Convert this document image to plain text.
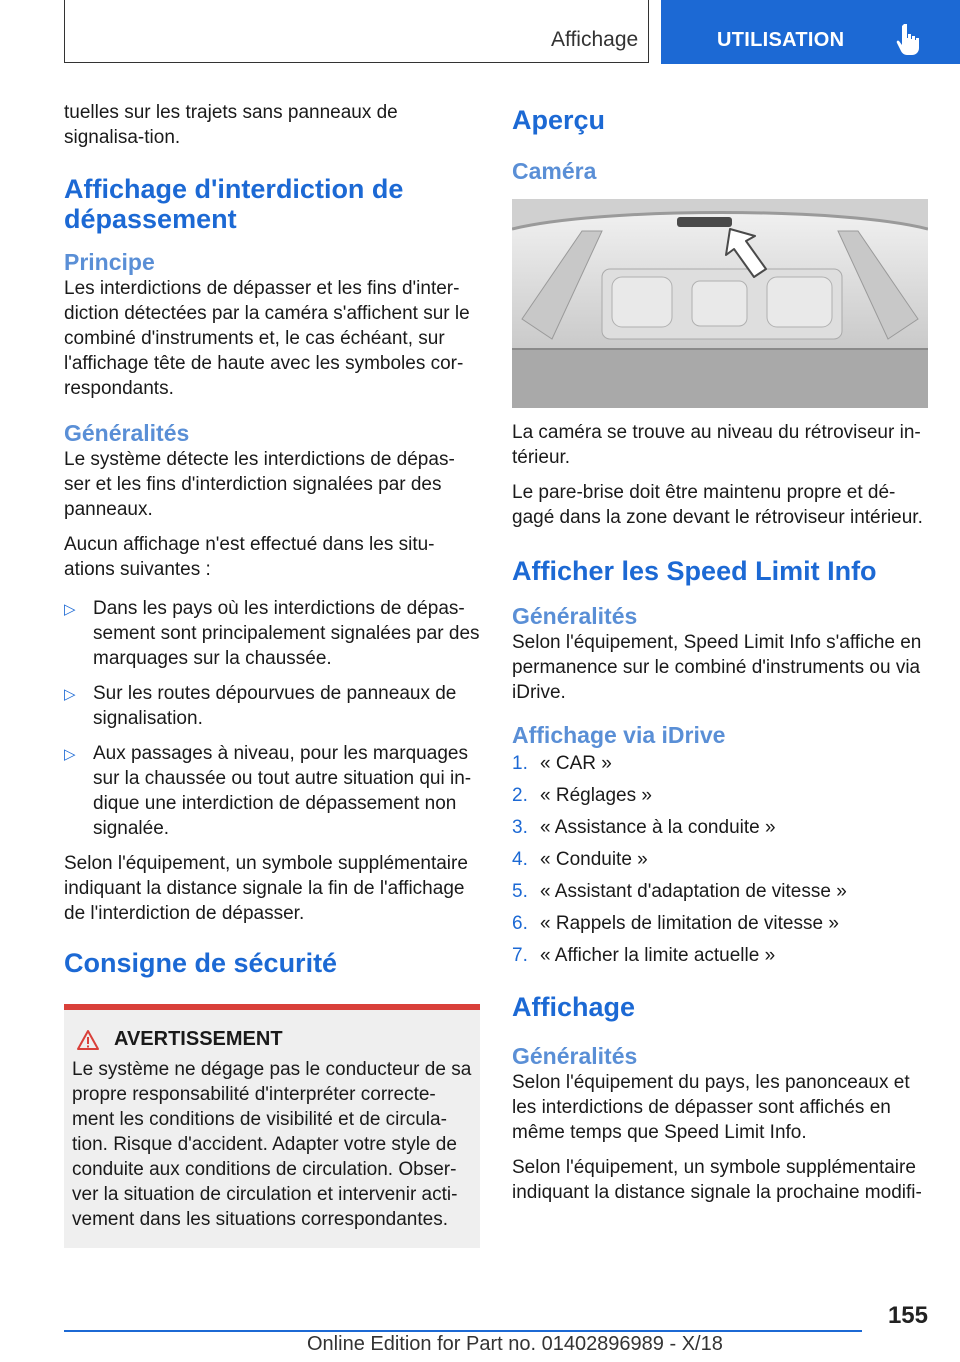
Affichage	UTILISATION

tuelles sur les trajets sans panneaux de signalisa-tion.

Affichage d'interdiction de dépassement
Principe

Les interdictions de dépasser et les fins d'inter-diction détectées par la caméra s'affichent sur le combiné d'instruments et, le cas échéant, sur l'affichage tête de haute avec les symboles cor-respondants.

Généralités

Le système détecte les interdictions de dépas-ser et les fins d'interdiction signalées par des panneaux.

Aucun affichage n'est effectué dans les situ-ations suivantes :

▷ Dans les pays où les interdictions de dépas-sement sont principalement signalées par des marquages sur la chaussée.
▷ Sur les routes dépourvues de panneaux de signalisation.
▷ Aux passages à niveau, pour les marquages sur la chaussée ou tout autre situation qui in-dique une interdiction de dépassement non signalée.

Selon l'équipement, un symbole supplémentaire indiquant la distance signale la fin de l'affichage de l'interdiction de dépasser.

Consigne de sécurité
AVERTISSEMENT

Le système ne dégage pas le conducteur de sa propre responsabilité d'interpréter correcte-ment les conditions de visibilité et de circula-tion. Risque d'accident. Adapter votre style de conduite aux conditions de circulation. Obser-ver la situation de circulation et intervenir acti-vement dans les situations correspondantes.

Aperçu
Caméra

La caméra se trouve au niveau du rétroviseur in-térieur.

Le pare-brise doit être maintenu propre et dé-gagé dans la zone devant le rétroviseur intérieur.

Afficher les Speed Limit Info
Généralités

Selon l'équipement, Speed Limit Info s'affiche en permanence sur le combiné d'instruments ou via iDrive.

Affichage via iDrive
1. « CAR »
2. « Réglages »
3. « Assistance à la conduite »
4. « Conduite »
5. « Assistant d'adaptation de vitesse »
6. « Rappels de limitation de vitesse »
7. « Afficher la limite actuelle »
Affichage
Généralités

Selon l'équipement du pays, les panonceaux et les interdictions de dépasser sont affichés en même temps que Speed Limit Info.

Selon l'équipement, un symbole supplémentaire indiquant la distance signale la prochaine modifi-

155
Online Edition for Part no. 01402896989 - X/18
